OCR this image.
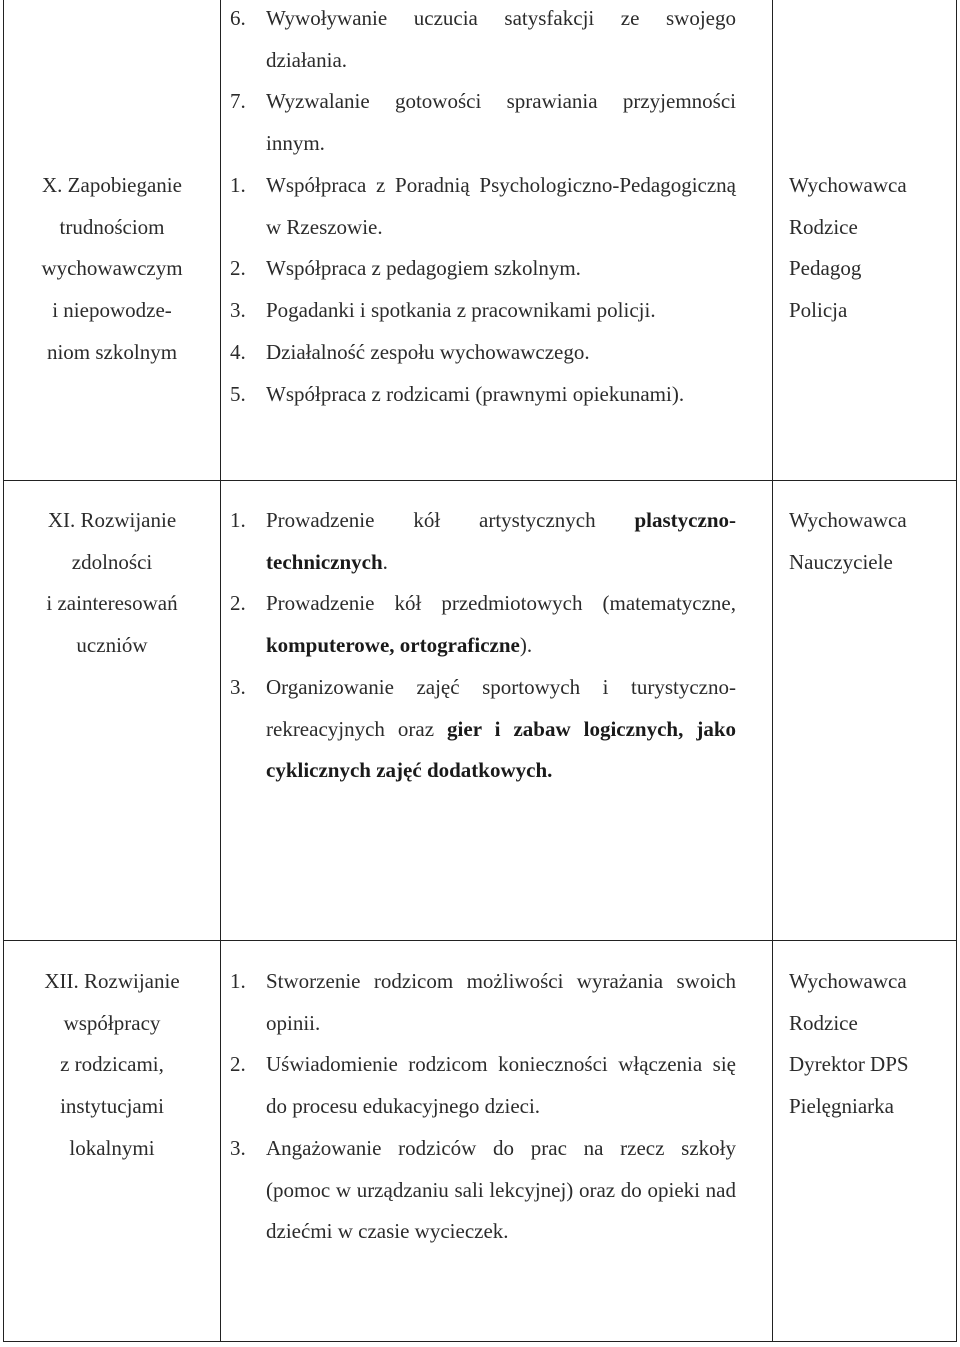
6. Wywoływanie uczucia satysfakcji ze swojego działania.
7. Wyzwalanie gotowości sprawiania przyjemności innym.
X. Zapobieganie
trudnościom
wychowawczym
i niepowodze-
niom szkolnym
1. Współpraca z Poradnią Psychologiczno-Pedagogiczną w Rzeszowie.
2. Współpraca z pedagogiem szkolnym.
3. Pogadanki i spotkania z pracownikami policji.
4. Działalność zespołu wychowawczego.
5. Współpraca z rodzicami (prawnymi opiekunami).
Wychowawca
Rodzice
Pedagog
Policja
XI. Rozwijanie
zdolności
i zainteresowań
uczniów
1. Prowadzenie kół artystycznych plastyczno-technicznych.
2. Prowadzenie kół przedmiotowych (matematyczne, komputerowe, ortograficzne).
3. Organizowanie zajęć sportowych i turystyczno- rekreacyjnych oraz gier i zabaw logicznych, jako cyklicznych zajęć dodatkowych.
Wychowawca
Nauczyciele
XII. Rozwijanie
współpracy
z rodzicami,
instytucjami
lokalnymi
1. Stworzenie rodzicom możliwości wyrażania swoich opinii.
2. Uświadomienie rodzicom konieczności włączenia się do procesu edukacyjnego dzieci.
3. Angażowanie rodziców do prac na rzecz szkoły (pomoc w urządzaniu sali lekcyjnej) oraz do opieki nad dziećmi w czasie wycieczek.
Wychowawca
Rodzice
Dyrektor DPS
Pielęgniarka
